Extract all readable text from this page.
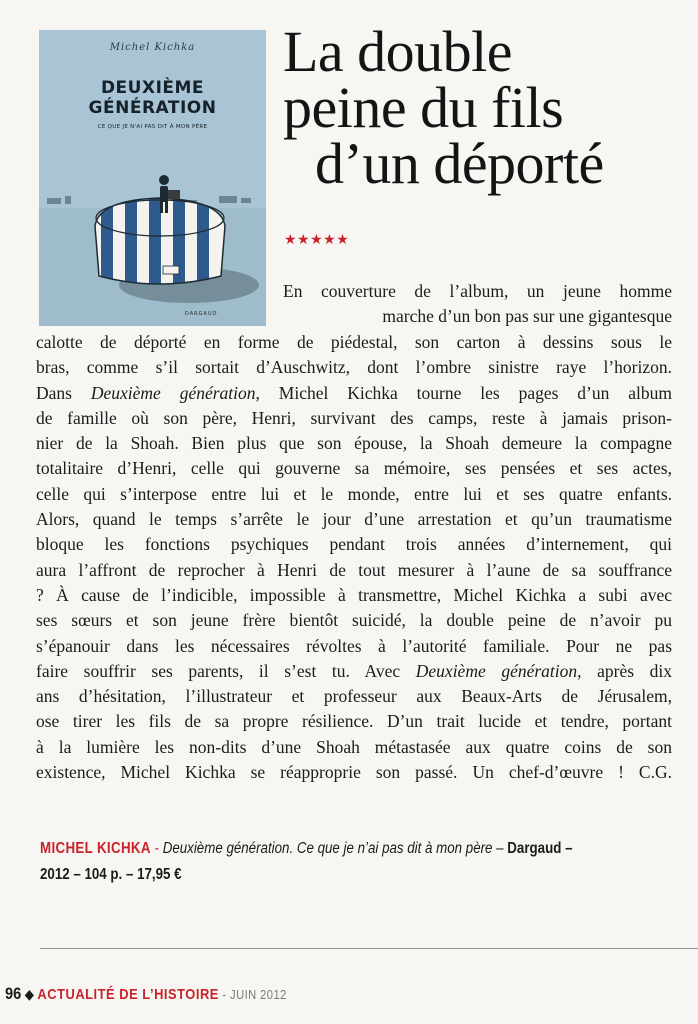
Michel Kichka
DEUXIÈME
GÉNÉRATION
CE QUE JE N'AI PAS DIT À MON PÈRE
DARGAUD
La double
peine du fils
d’un déporté
★★★★★
En couverture de l’album, un jeune homme
marche d’un bon pas sur une gigantesque
calotte de déporté en forme de piédestal, son carton à dessins sous le
bras, comme s’il sortait d’Auschwitz, dont l’ombre sinistre raye l’horizon.
Dans Deuxième génération, Michel Kichka tourne les pages d’un album
de famille où son père, Henri, survivant des camps, reste à jamais prison-
nier de la Shoah. Bien plus que son épouse, la Shoah demeure la compagne
totalitaire d’Henri, celle qui gouverne sa mémoire, ses pensées et ses actes,
celle qui s’interpose entre lui et le monde, entre lui et ses quatre enfants.
Alors, quand le temps s’arrête le jour d’une arrestation et qu’un traumatisme
bloque les fonctions psychiques pendant trois années d’internement, qui
aura l’affront de reprocher à Henri de tout mesurer à l’aune de sa souffrance
? À cause de l’indicible, impossible à transmettre, Michel Kichka a subi avec
ses sœurs et son jeune frère bientôt suicidé, la double peine de n’avoir pu
s’épanouir dans les nécessaires révoltes à l’autorité familiale. Pour ne pas
faire souffrir ses parents, il s’est tu. Avec Deuxième génération, après dix
ans d’hésitation, l’illustrateur et professeur aux Beaux-Arts de Jérusalem,
ose tirer les fils de sa propre résilience. D’un trait lucide et tendre, portant
à la lumière les non-dits d’une Shoah métastasée aux quatre coins de son
existence, Michel Kichka se réapproprie son passé. Un chef-d’œuvre ! C.G.
MICHEL KICHKA - Deuxième génération. Ce que je n’ai pas dit à mon père – Dargaud –
2012 – 104 p. – 17,95 €
96 ◆ ACTUALITÉ DE L’HISTOIRE - JUIN 2012
